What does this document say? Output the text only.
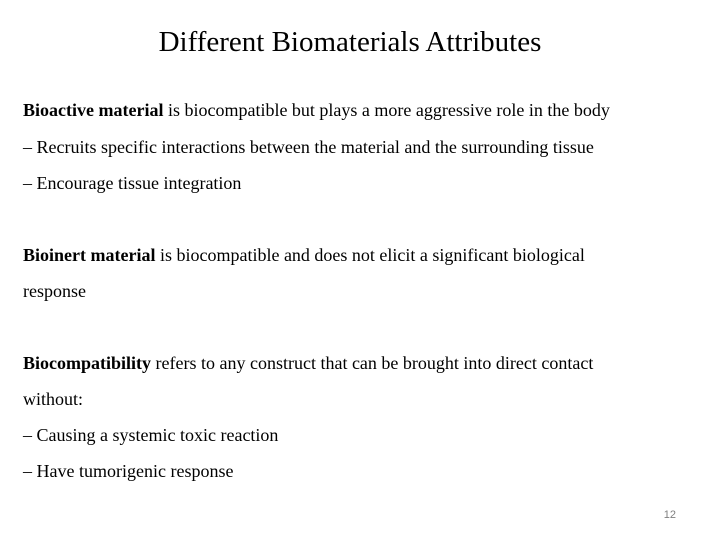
Different Biomaterials Attributes
Bioactive material is biocompatible but plays a more aggressive role in the body
– Recruits specific interactions between the material and the surrounding tissue
– Encourage tissue integration
Bioinert material is biocompatible and does not elicit a significant biological
response
Biocompatibility refers to any construct that can be brought into direct contact
without:
– Causing a systemic toxic reaction
– Have tumorigenic response
12
